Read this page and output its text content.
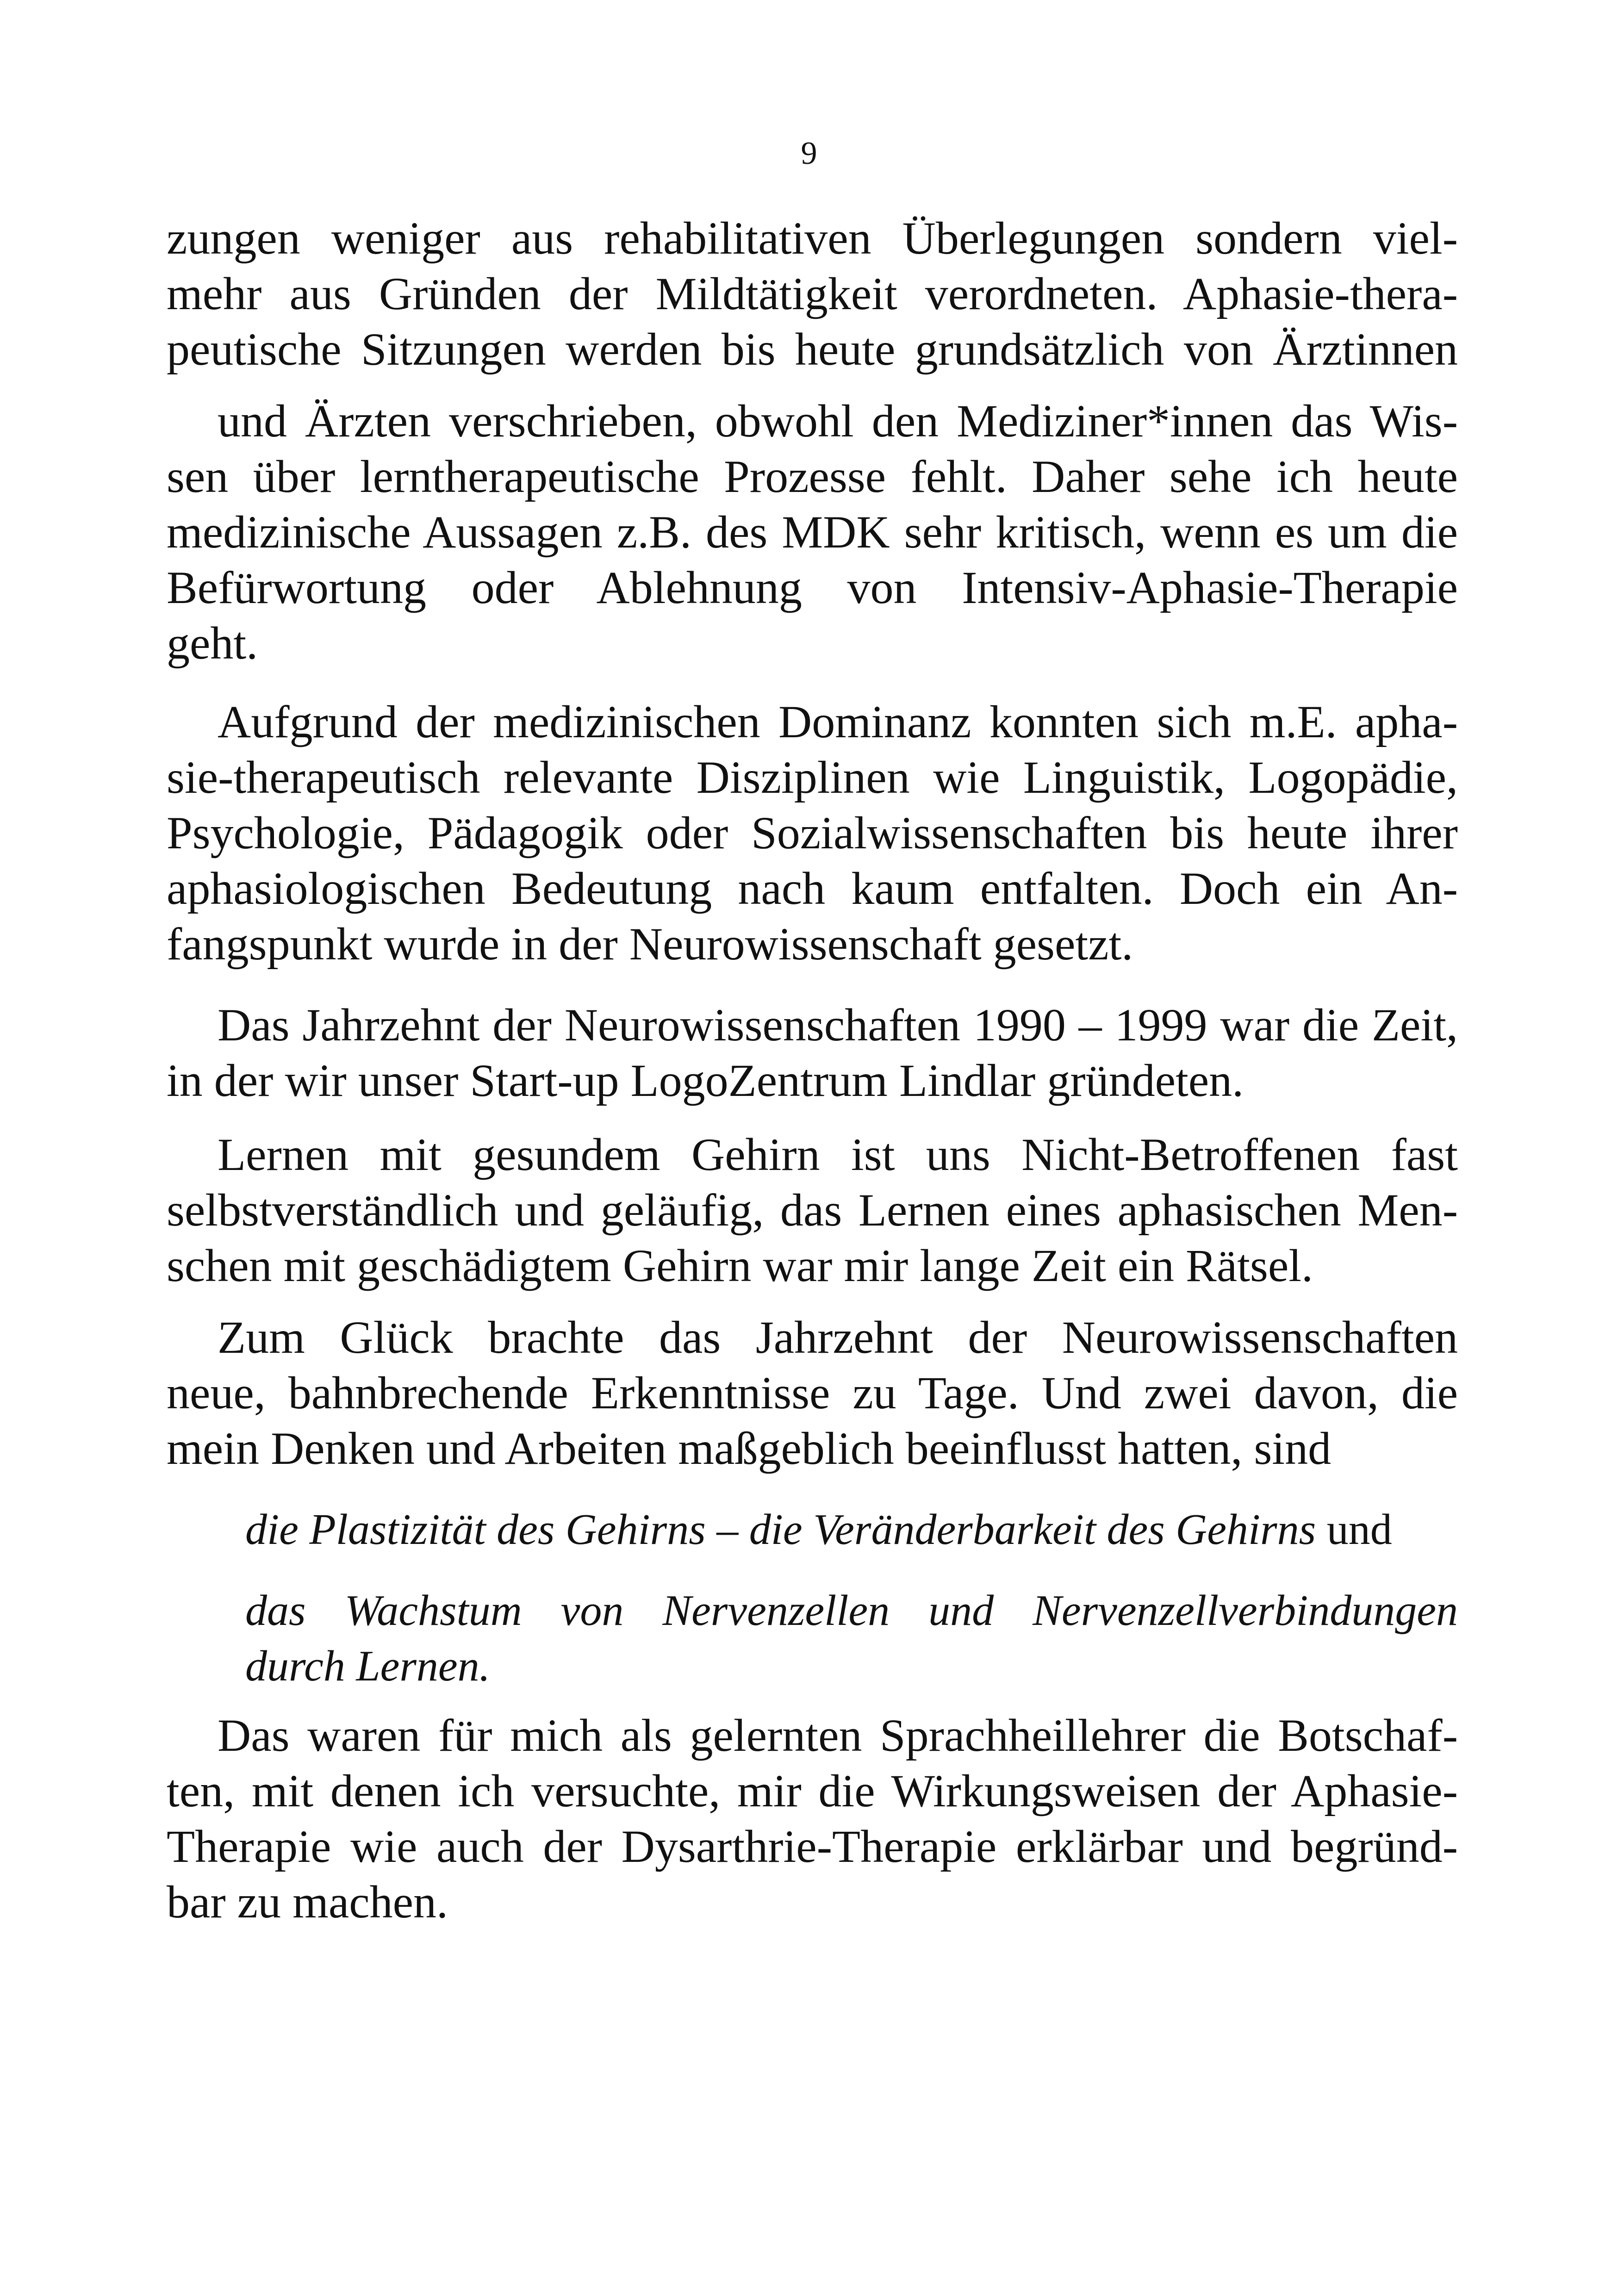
9
zungen weniger aus rehabilitativen Überlegungen sondern viel-
mehr aus Gründen der Mildtätigkeit verordneten. Aphasie-thera-
peutische Sitzungen werden bis heute grundsätzlich von Ärztinnen
und Ärzten verschrieben, obwohl den Mediziner*innen das Wis-
sen über lerntherapeutische Prozesse fehlt. Daher sehe ich heute
medizinische Aussagen z.B. des MDK sehr kritisch, wenn es um die
Befürwortung oder Ablehnung von Intensiv-Aphasie-Therapie
geht.
Aufgrund der medizinischen Dominanz konnten sich m.E. apha-
sie-therapeutisch relevante Disziplinen wie Linguistik, Logopädie,
Psychologie, Pädagogik oder Sozialwissenschaften bis heute ihrer
aphasiologischen Bedeutung nach kaum entfalten. Doch ein An-
fangspunkt wurde in der Neurowissenschaft gesetzt.
Das Jahrzehnt der Neurowissenschaften 1990 – 1999 war die Zeit,
in der wir unser Start-up LogoZentrum Lindlar gründeten.
Lernen mit gesundem Gehirn ist uns Nicht-Betroffenen fast
selbstverständlich und geläufig, das Lernen eines aphasischen Men-
schen mit geschädigtem Gehirn war mir lange Zeit ein Rätsel.
Zum Glück brachte das Jahrzehnt der Neurowissenschaften
neue, bahnbrechende Erkenntnisse zu Tage. Und zwei davon, die
mein Denken und Arbeiten maßgeblich beeinflusst hatten, sind
die Plastizität des Gehirns – die Veränderbarkeit des Gehirns und
das Wachstum von Nervenzellen und Nervenzellverbindungen
durch Lernen.
Das waren für mich als gelernten Sprachheillehrer die Botschaf-
ten, mit denen ich versuchte, mir die Wirkungsweisen der Aphasie-
Therapie wie auch der Dysarthrie-Therapie erklärbar und begründ-
bar zu machen.
